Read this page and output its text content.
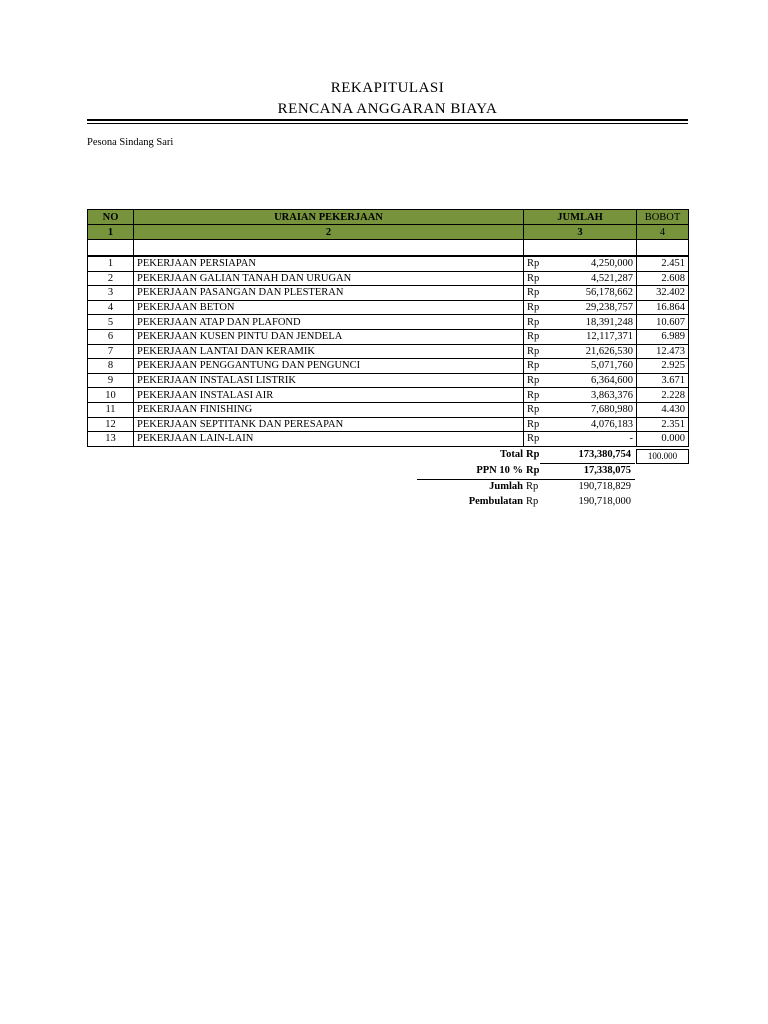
REKAPITULASI
RENCANA ANGGARAN BIAYA
Pesona Sindang Sari
NO	URAIAN PEKERJAAN	JUMLAH		BOBOT
1	2	3		4

1	PEKERJAAN PERSIAPAN	Rp	4,250,000	2.451
2	PEKERJAAN GALIAN TANAH DAN URUGAN	Rp	4,521,287	2.608
3	PEKERJAAN PASANGAN DAN PLESTERAN	Rp	56,178,662	32.402
4	PEKERJAAN BETON	Rp	29,238,757	16.864
5	PEKERJAAN ATAP DAN PLAFOND	Rp	18,391,248	10.607
6	PEKERJAAN KUSEN PINTU DAN JENDELA	Rp	12,117,371	6.989
7	PEKERJAAN LANTAI DAN KERAMIK	Rp	21,626,530	12.473
8	PEKERJAAN PENGGANTUNG DAN PENGUNCI	Rp	5,071,760	2.925
9	PEKERJAAN INSTALASI LISTRIK	Rp	6,364,600	3.671
10	PEKERJAAN INSTALASI AIR	Rp	3,863,376	2.228
11	PEKERJAAN FINISHING	Rp	7,680,980	4.430
12	PEKERJAAN SEPTITANK DAN PERESAPAN	Rp	4,076,183	2.351
13	PEKERJAAN LAIN-LAIN	Rp	-	0.000
Total Rp	173,380,754	100.000
PPN 10 % Rp	17,338,075
Jumlah Rp	190,718,829
Pembulatan Rp	190,718,000
